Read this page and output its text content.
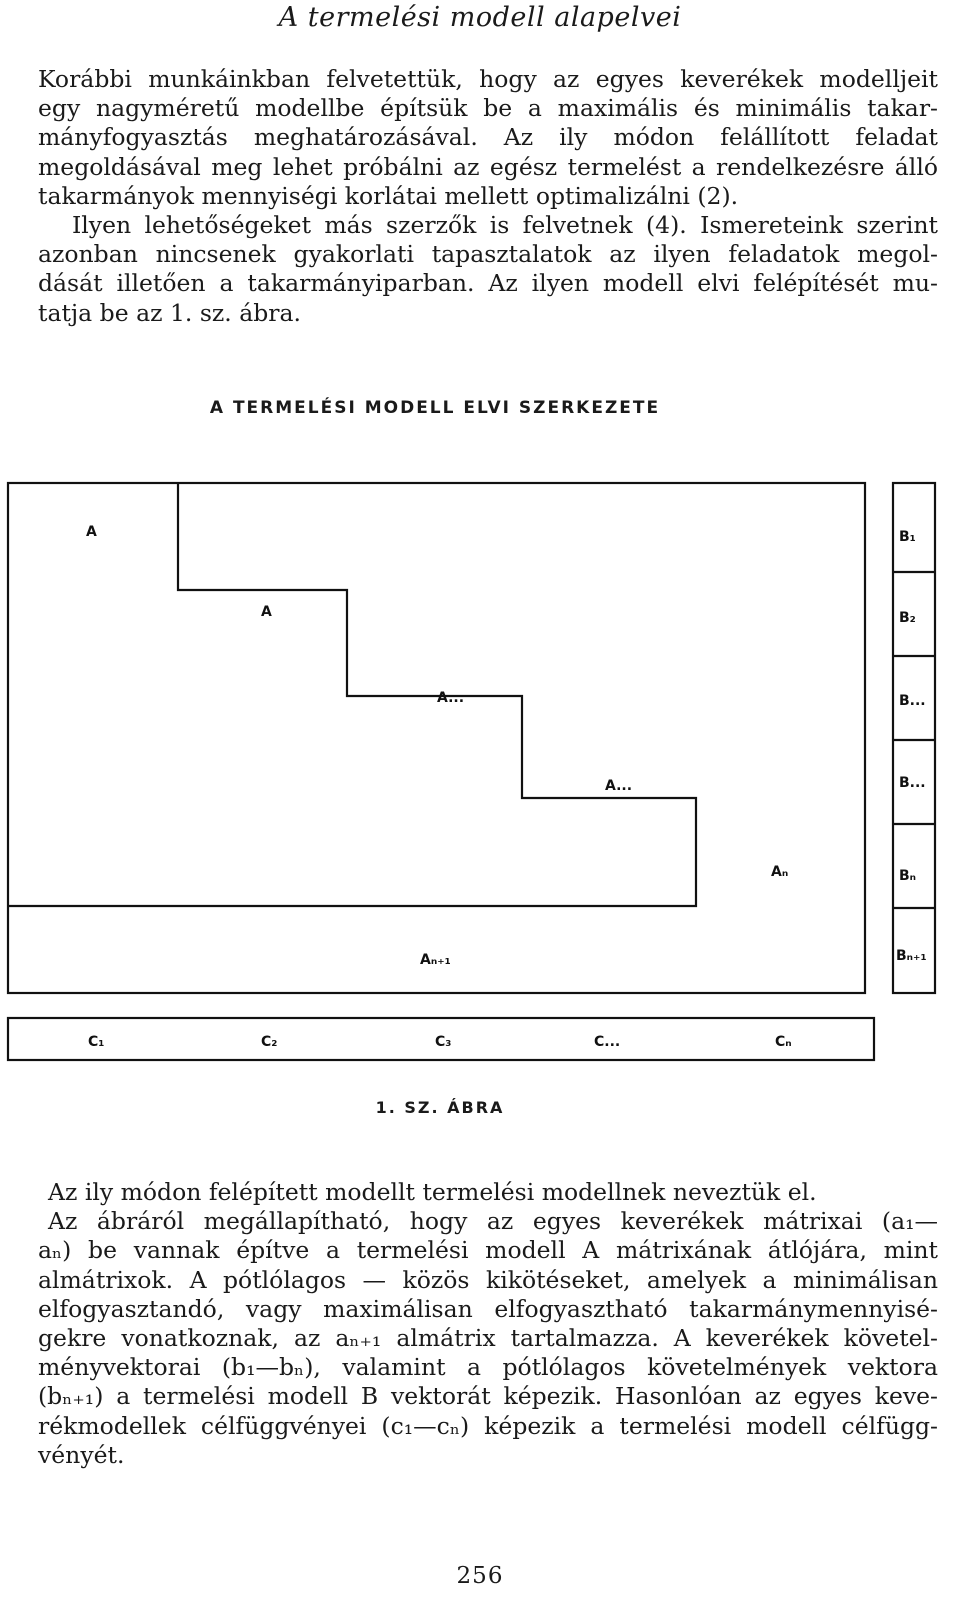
A termelési modell alapelvei
Korábbi munkáinkban felvetettük, hogy az egyes keverékek modelljeit
egy nagyméretű modellbe építsük be a maximális és minimális takar-
mányfogyasztás meghatározásával. Az ily módon felállított feladat
megoldásával meg lehet próbálni az egész termelést a rendelkezésre álló
takarmányok mennyiségi korlátai mellett optimalizálni (2).
Ilyen lehetőségeket más szerzők is felvetnek (4). Ismereteink szerint
azonban nincsenek gyakorlati tapasztalatok az ilyen feladatok megol-
dását illetően a takarmányiparban. Az ilyen modell elvi felépítését mu-
tatja be az 1. sz. ábra.
A TERMELÉSI MODELL ELVI SZERKEZETE
A
A
A...
A...
Aₙ
Aₙ₊₁
B₁
B₂
B...
B...
Bₙ
Bₙ₊₁
C₁	C₂	C₃	C...	Cₙ
1. SZ. ÁBRA
Az ily módon felépített modellt termelési modellnek neveztük el.
Az ábráról megállapítható, hogy az egyes keverékek mátrixai (a₁—
aₙ) be vannak építve a termelési modell A mátrixának átlójára, mint
almátrixok. A pótlólagos — közös kikötéseket, amelyek a minimálisan
elfogyasztandó, vagy maximálisan elfogyasztható takarmánymennyisé-
gekre vonatkoznak, az aₙ₊₁ almátrix tartalmazza. A keverékek követel-
ményvektorai (b₁—bₙ), valamint a pótlólagos követelmények vektora
(bₙ₊₁) a termelési modell B vektorát képezik. Hasonlóan az egyes keve-
rékmodellek célfüggvényei (c₁—cₙ) képezik a termelési modell célfügg-
vényét.
256
